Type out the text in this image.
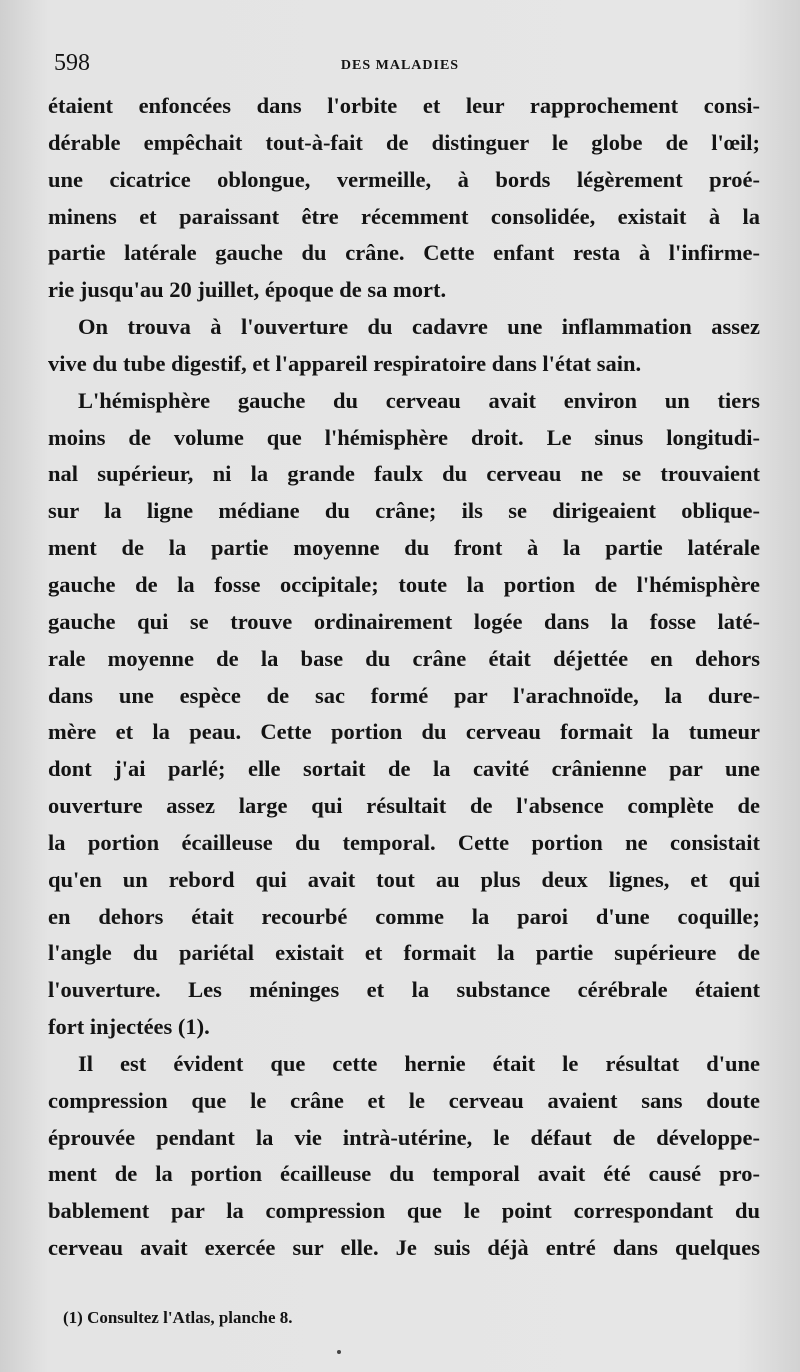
598	DES MALADIES
étaient enfoncées dans l'orbite et leur rapprochement consi-
dérable empêchait tout-à-fait de distinguer le globe de l'œil;
une cicatrice oblongue, vermeille, à bords légèrement proé-
minens et paraissant être récemment consolidée, existait à la
partie latérale gauche du crâne. Cette enfant resta à l'infirme-
rie jusqu'au 20 juillet, époque de sa mort.
On trouva à l'ouverture du cadavre une inflammation assez
vive du tube digestif, et l'appareil respiratoire dans l'état sain.
L'hémisphère gauche du cerveau avait environ un tiers
moins de volume que l'hémisphère droit. Le sinus longitudi-
nal supérieur, ni la grande faulx du cerveau ne se trouvaient
sur la ligne médiane du crâne; ils se dirigeaient oblique-
ment de la partie moyenne du front à la partie latérale
gauche de la fosse occipitale; toute la portion de l'hémisphère
gauche qui se trouve ordinairement logée dans la fosse laté-
rale moyenne de la base du crâne était déjettée en dehors
dans une espèce de sac formé par l'arachnoïde, la dure-
mère et la peau. Cette portion du cerveau formait la tumeur
dont j'ai parlé; elle sortait de la cavité crânienne par une
ouverture assez large qui résultait de l'absence complète de
la portion écailleuse du temporal. Cette portion ne consistait
qu'en un rebord qui avait tout au plus deux lignes, et qui
en dehors était recourbé comme la paroi d'une coquille;
l'angle du pariétal existait et formait la partie supérieure de
l'ouverture. Les méninges et la substance cérébrale étaient
fort injectées (1).
Il est évident que cette hernie était le résultat d'une
compression que le crâne et le cerveau avaient sans doute
éprouvée pendant la vie intrà-utérine, le défaut de développe-
ment de la portion écailleuse du temporal avait été causé pro-
bablement par la compression que le point correspondant du
cerveau avait exercée sur elle. Je suis déjà entré dans quelques
(1) Consultez l'Atlas, planche 8.
